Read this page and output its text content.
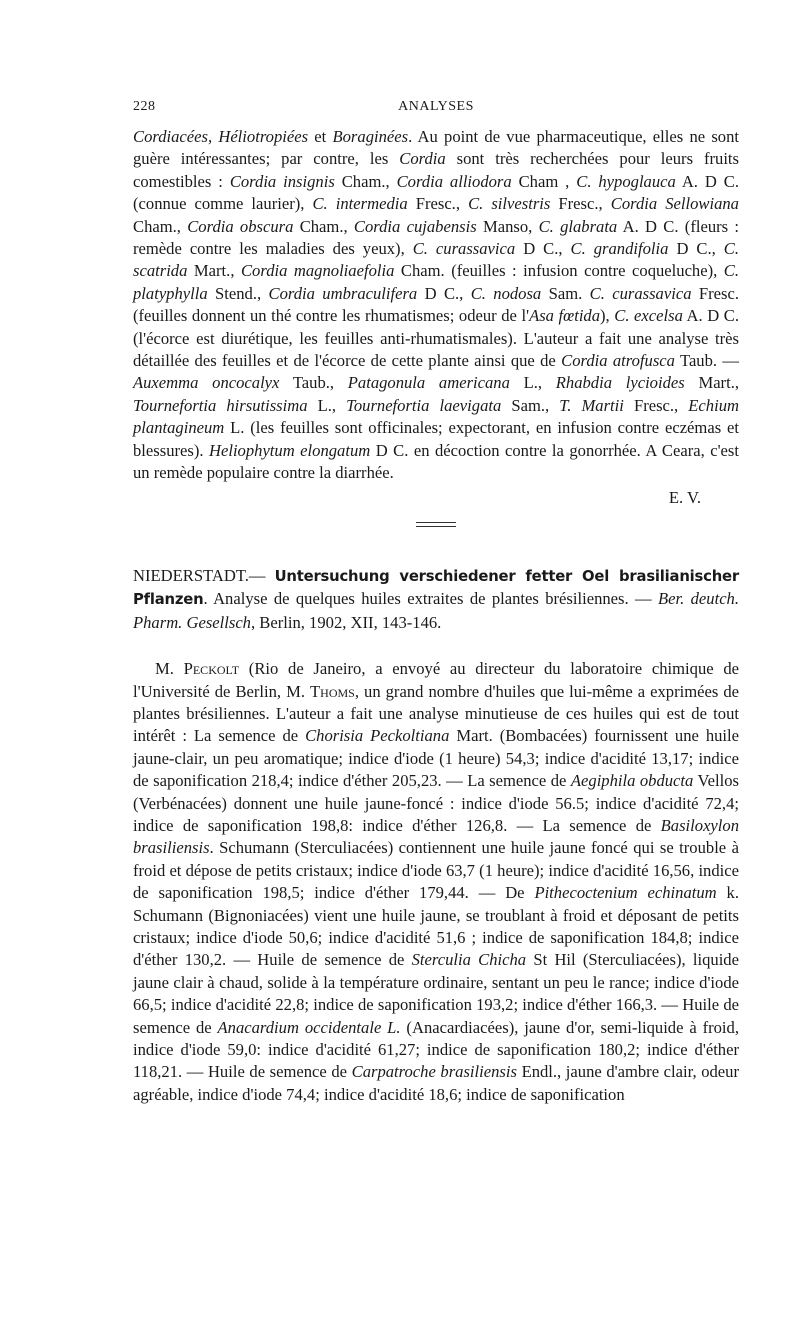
228	ANALYSES

Cordiacées, Héliotropiées et Boraginées. Au point de vue pharmaceutique, elles ne sont guère intéressantes; par contre, les Cordia sont très recherchées pour leurs fruits comestibles : Cordia insignis Cham., Cordia alliodora Cham , C. hypoglauca A. D C. (connue comme laurier), C. intermedia Fresc., C. silvestris Fresc., Cordia Sellowiana Cham., Cordia obscura Cham., Cordia cujabensis Manso, C. glabrata A. D C. (fleurs : remède contre les maladies des yeux), C. curassavica D C., C. grandifolia D C., C. scatrida Mart., Cordia magnoliaefolia Cham. (feuilles : infusion contre coqueluche), C. platyphylla Stend., Cordia umbraculifera D C., C. nodosa Sam. C. curassavica Fresc. (feuilles donnent un thé contre les rhumatismes; odeur de l'Asa fœtida), C. excelsa A. D C. (l'écorce est diurétique, les feuilles anti-rhumatismales). L'auteur a fait une analyse très détaillée des feuilles et de l'écorce de cette plante ainsi que de Cordia atrofusca Taub. — Auxemma oncocalyx Taub., Patagonula americana L., Rhabdia lycioides Mart., Tournefortia hirsutissima L., Tournefortia laevigata Sam., T. Martii Fresc., Echium plantagineum L. (les feuilles sont officinales; expectorant, en infusion contre eczémas et blessures). Heliophytum elongatum D C. en décoction contre la gonorrhée. A Ceara, c'est un remède populaire contre la diarrhée.

E. V.

NIEDERSTADT.— Untersuchung verschiedener fetter Oel brasilianischer Pflanzen. Analyse de quelques huiles extraites de plantes brésiliennes. — Ber. deutch. Pharm. Gesellsch, Berlin, 1902, XII, 143-146.

M. Peckolt (Rio de Janeiro, a envoyé au directeur du laboratoire chimique de l'Université de Berlin, M. Thoms, un grand nombre d'huiles que lui-même a exprimées de plantes brésiliennes. L'auteur a fait une analyse minutieuse de ces huiles qui est de tout intérêt : La semence de Chorisia Peckoltiana Mart. (Bombacées) fournissent une huile jaune-clair, un peu aromatique; indice d'iode (1 heure) 54,3; indice d'acidité 13,17; indice de saponification 218,4; indice d'éther 205,23. — La semence de Aegiphila obducta Vellos (Verbénacées) donnent une huile jaune-foncé : indice d'iode 56.5; indice d'acidité 72,4; indice de saponification 198,8: indice d'éther 126,8. — La semence de Basiloxylon brasiliensis. Schumann (Sterculiacées) contiennent une huile jaune foncé qui se trouble à froid et dépose de petits cristaux; indice d'iode 63,7 (1 heure); indice d'acidité 16,56, indice de saponification 198,5; indice d'éther 179,44. — De Pithecoctenium echinatum k. Schumann (Bignoniacées) vient une huile jaune, se troublant à froid et déposant de petits cristaux; indice d'iode 50,6; indice d'acidité 51,6 ; indice de saponification 184,8; indice d'éther 130,2. — Huile de semence de Sterculia Chicha St Hil (Sterculiacées), liquide jaune clair à chaud, solide à la température ordinaire, sentant un peu le rance; indice d'iode 66,5; indice d'acidité 22,8; indice de saponification 193,2; indice d'éther 166,3. — Huile de semence de Anacardium occidentale L. (Anacardiacées), jaune d'or, semi-liquide à froid, indice d'iode 59,0: indice d'acidité 61,27; indice de saponification 180,2; indice d'éther 118,21. — Huile de semence de Carpatroche brasiliensis Endl., jaune d'ambre clair, odeur agréable, indice d'iode 74,4; indice d'acidité 18,6; indice de saponification
